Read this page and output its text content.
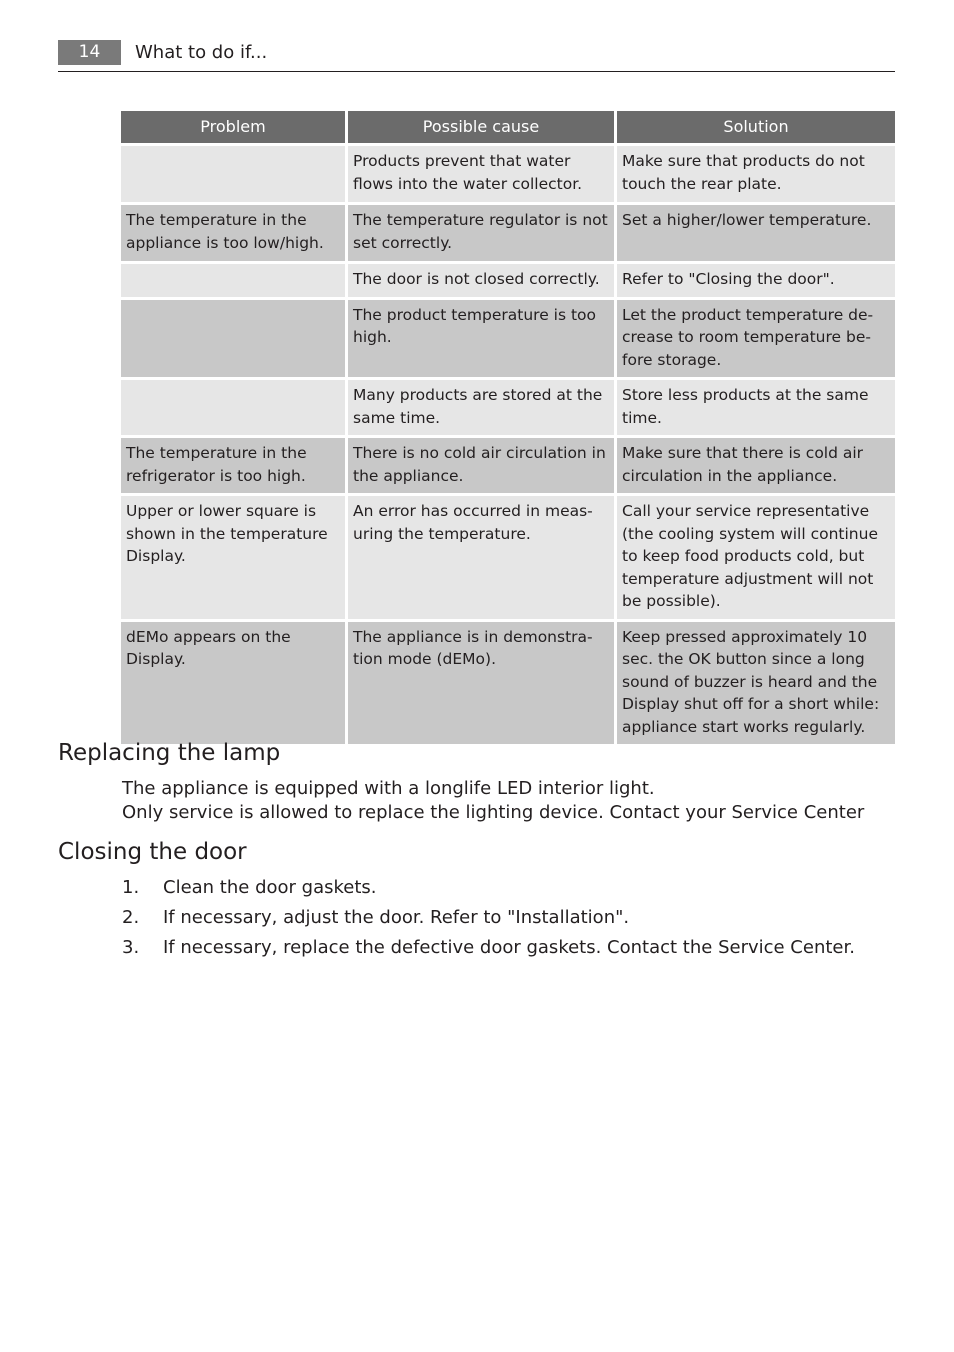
14	What to do if...
Problem	Possible cause	Solution
	Products prevent that water flows into the water collector.	Make sure that products do not touch the rear plate.
The temperature in the appliance is too low/high.	The temperature regulator is not set correctly.	Set a higher/lower temperature.
	The door is not closed correctly.	Refer to "Closing the door".
	The product temperature is too high.	Let the product temperature de-crease to room temperature be-fore storage.
	Many products are stored at the same time.	Store less products at the same time.
The temperature in the refrigerator is too high.	There is no cold air circulation in the appliance.	Make sure that there is cold air circulation in the appliance.
Upper or lower square is shown in the temperature Display.	An error has occurred in meas-uring the temperature.	Call your service representative (the cooling system will continue to keep food products cold, but temperature adjustment will not be possible).
dEMo appears on the Display.	The appliance is in demonstra-tion mode (dEMo).	Keep pressed approximately 10 sec. the OK button since a long sound of buzzer is heard and the Display shut off for a short while: appliance start works regularly.
Replacing the lamp

The appliance is equipped with a longlife LED interior light.

Only service is allowed to replace the lighting device. Contact your Service Center

Closing the door
1. Clean the door gaskets.
2. If necessary, adjust the door. Refer to "Installation".
3. If necessary, replace the defective door gaskets. Contact the Service Center.
